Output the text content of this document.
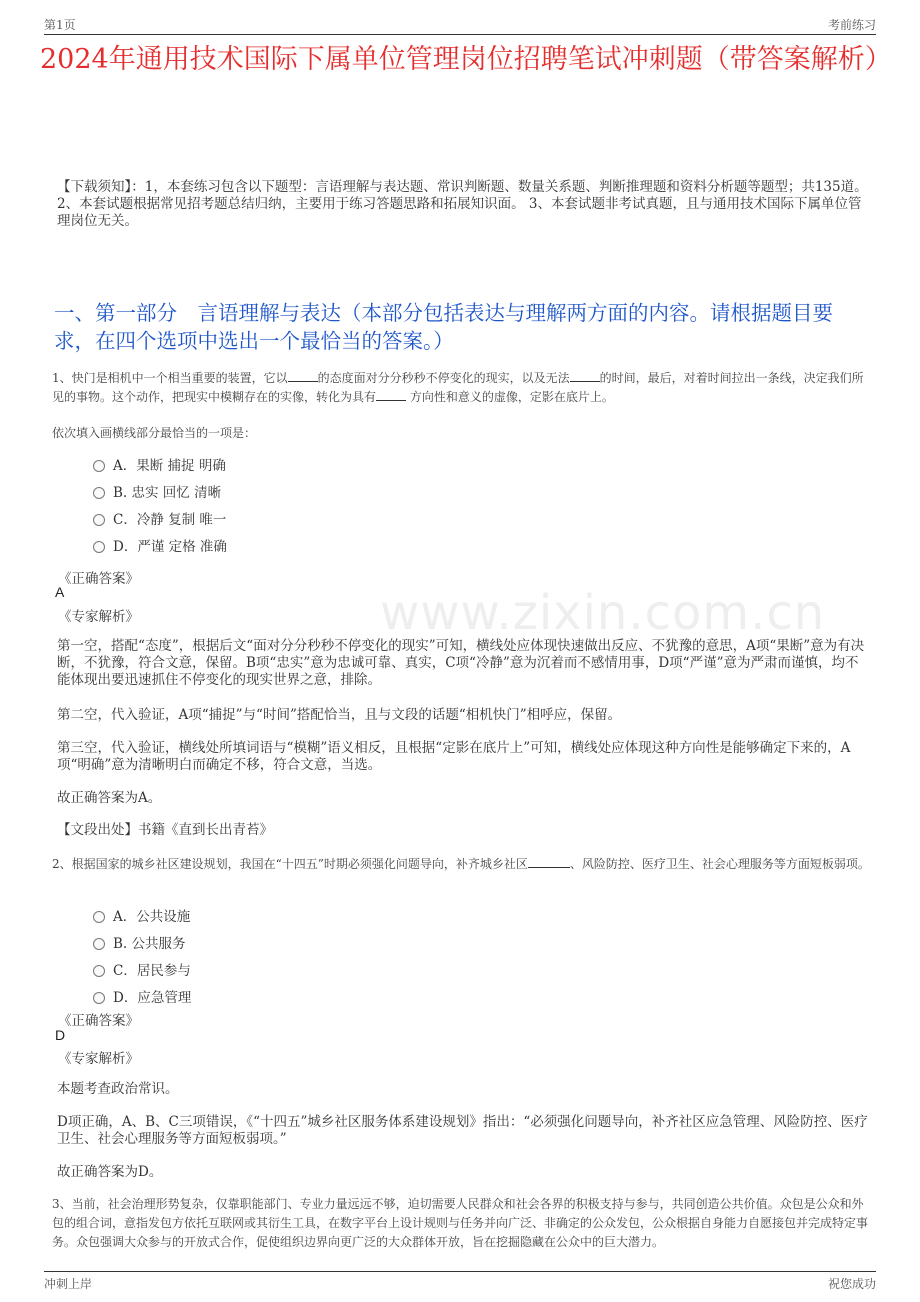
第1页	考前练习
www.zixin.com.cn
2024年通用技术国际下属单位管理岗位招聘笔试冲刺题（带答案解析）
【下载须知】：1，本套练习包含以下题型：言语理解与表达题、常识判断题、数量关系题、判断推理题和资料分析题等题型；共135道。 2、本套试题根据常见招考题总结归纳，主要用于练习答题思路和拓展知识面。 3、本套试题非考试真题，且与通用技术国际下属单位管理岗位无关。
一、第一部分　言语理解与表达（本部分包括表达与理解两方面的内容。请根据题目要求，在四个选项中选出一个最恰当的答案。）
1、快门是相机中一个相当重要的装置，它以	的态度面对分分秒秒不停变化的现实，以及无法	的时间，最后，对着时间拉出一条线，决定我们所见的事物。这个动作，把现实中模糊存在的实像，转化为具有	方向性和意义的虚像，定影在底片上。
依次填入画横线部分最恰当的一项是：
A．果断 捕捉 明确
B. 忠实 回忆 清晰
C．冷静 复制 唯一
D．严谨 定格 准确
《正确答案》
A
《专家解析》
第一空，搭配“态度”，根据后文“面对分分秒秒不停变化的现实”可知，横线处应体现快速做出反应、不犹豫的意思，A项“果断”意为有决断，不犹豫，符合文意，保留。B项“忠实”意为忠诚可靠、真实，C项“冷静”意为沉着而不感情用事，D项“严谨”意为严肃而谨慎，均不能体现出要迅速抓住不停变化的现实世界之意，排除。
第二空，代入验证，A项“捕捉”与“时间”搭配恰当，且与文段的话题“相机快门”相呼应，保留。
第三空，代入验证，横线处所填词语与“模糊”语义相反，且根据“定影在底片上”可知，横线处应体现这种方向性是能够确定下来的，A项“明确”意为清晰明白而确定不移，符合文意，当选。
故正确答案为A。
【文段出处】书籍《直到长出青苔》
2、根据国家的城乡社区建设规划，我国在“十四五”时期必须强化问题导向，补齐城乡社区	、风险防控、医疗卫生、社会心理服务等方面短板弱项。
A．公共设施
B. 公共服务
C．居民参与
D．应急管理
《正确答案》
D
《专家解析》
本题考查政治常识。
D项正确，A、B、C三项错误，《“十四五”城乡社区服务体系建设规划》指出：“必须强化问题导向，补齐社区应急管理、风险防控、医疗卫生、社会心理服务等方面短板弱项。”
故正确答案为D。
3、当前，社会治理形势复杂，仅靠职能部门、专业力量远远不够，迫切需要人民群众和社会各界的积极支持与参与，共同创造公共价值。众包是公众和外包的组合词，意指发包方依托互联网或其衍生工具，在数字平台上设计规则与任务并向广泛、非确定的公众发包，公众根据自身能力自愿接包并完成特定事务。众包强调大众参与的开放式合作，促使组织边界向更广泛的大众群体开放，旨在挖掘隐藏在公众中的巨大潜力。
冲刺上岸	祝您成功
